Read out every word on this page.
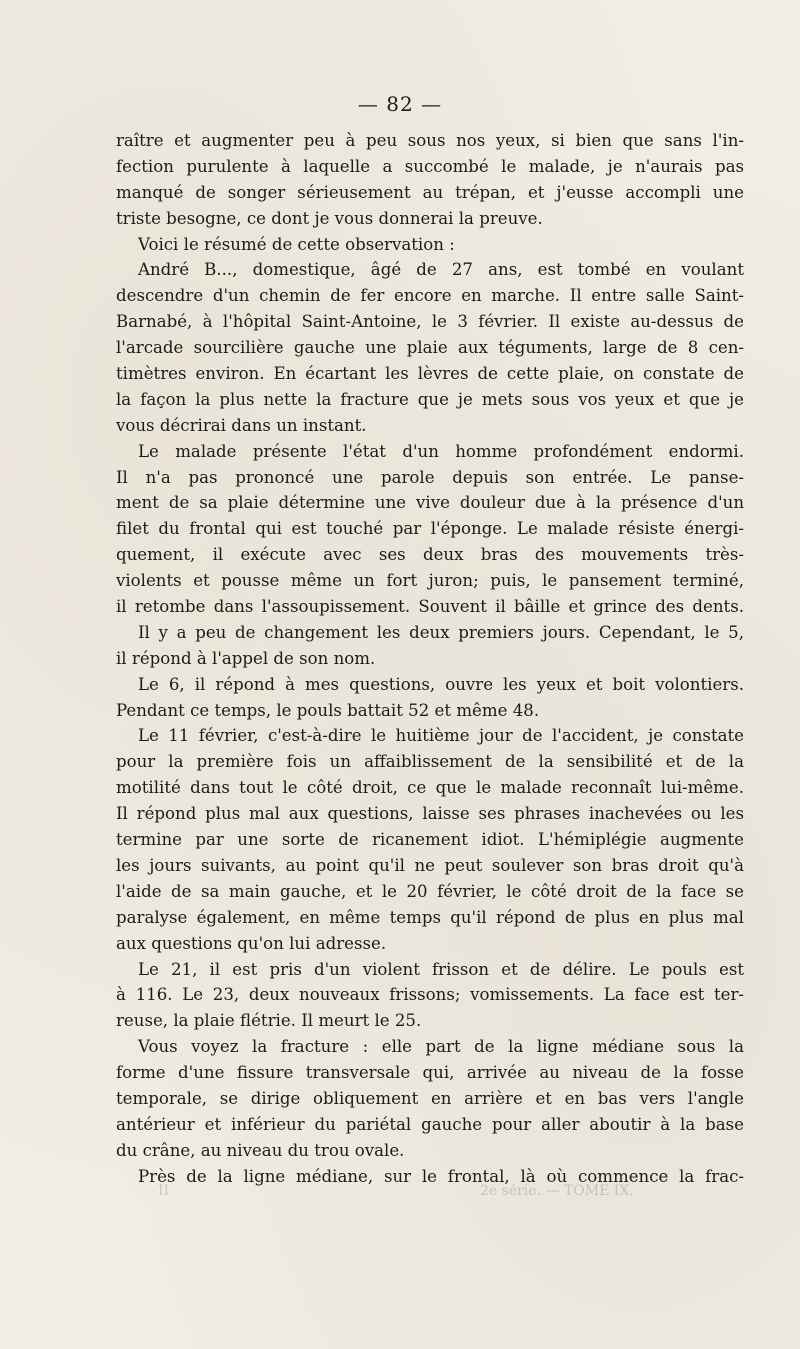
— 82 —
raître et augmenter peu à peu sous nos yeux, si bien que sans l'in-
fection purulente à laquelle a succombé le malade, je n'aurais pas
manqué de songer sérieusement au trépan, et j'eusse accompli une
triste besogne, ce dont je vous donnerai la preuve.
Voici le résumé de cette observation :
André B..., domestique, âgé de 27 ans, est tombé en voulant
descendre d'un chemin de fer encore en marche. Il entre salle Saint-
Barnabé, à l'hôpital Saint-Antoine, le 3 février. Il existe au-dessus de
l'arcade sourcilière gauche une plaie aux téguments, large de 8 cen-
timètres environ. En écartant les lèvres de cette plaie, on constate de
la façon la plus nette la fracture que je mets sous vos yeux et que je
vous décrirai dans un instant.
Le malade présente l'état d'un homme profondément endormi.
Il n'a pas prononcé une parole depuis son entrée. Le panse-
ment de sa plaie détermine une vive douleur due à la présence d'un
filet du frontal qui est touché par l'éponge. Le malade résiste énergi-
quement, il exécute avec ses deux bras des mouvements très-
violents et pousse même un fort juron; puis, le pansement terminé,
il retombe dans l'assoupissement. Souvent il bâille et grince des dents.
Il y a peu de changement les deux premiers jours. Cependant, le 5,
il répond à l'appel de son nom.
Le 6, il répond à mes questions, ouvre les yeux et boit volontiers.
Pendant ce temps, le pouls battait 52 et même 48.
Le 11 février, c'est-à-dire le huitième jour de l'accident, je constate
pour la première fois un affaiblissement de la sensibilité et de la
motilité dans tout le côté droit, ce que le malade reconnaît lui-même.
Il répond plus mal aux questions, laisse ses phrases inachevées ou les
termine par une sorte de ricanement idiot. L'hémiplégie augmente
les jours suivants, au point qu'il ne peut soulever son bras droit qu'à
l'aide de sa main gauche, et le 20 février, le côté droit de la face se
paralyse également, en même temps qu'il répond de plus en plus mal
aux questions qu'on lui adresse.
Le 21, il est pris d'un violent frisson et de délire. Le pouls est
à 116. Le 23, deux nouveaux frissons; vomissements. La face est ter-
reuse, la plaie flétrie. Il meurt le 25.
Vous voyez la fracture : elle part de la ligne médiane sous la
forme d'une fissure transversale qui, arrivée au niveau de la fosse
temporale, se dirige obliquement en arrière et en bas vers l'angle
antérieur et inférieur du pariétal gauche pour aller aboutir à la base
du crâne, au niveau du trou ovale.
Près de la ligne médiane, sur le frontal, là où commence la frac-
II	2e série. — TOME IX.
